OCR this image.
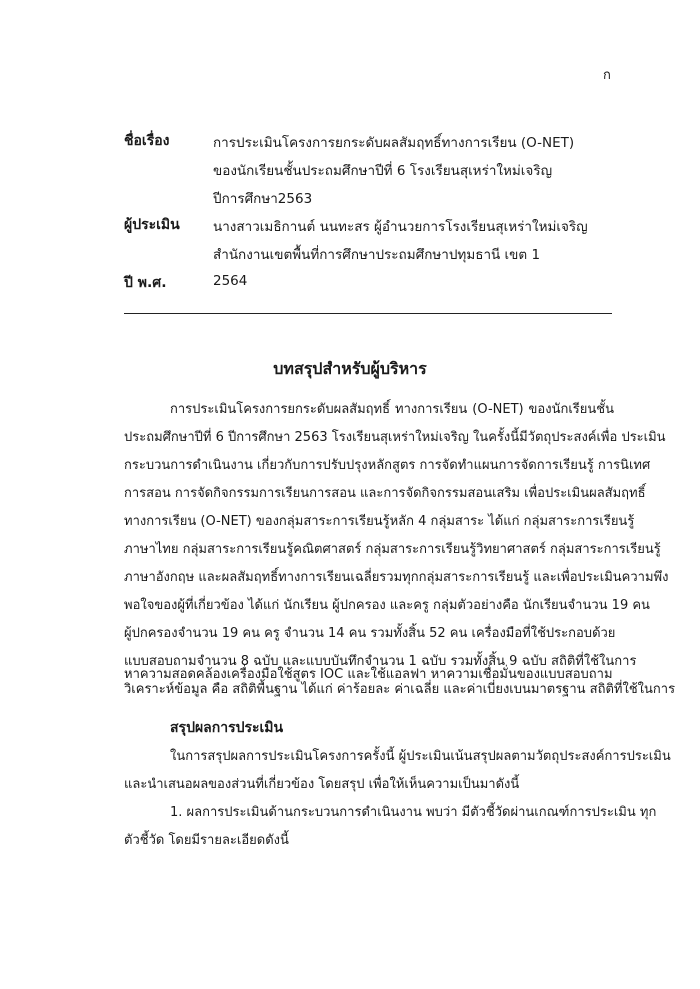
ก
ชื่อเรื่อง	การประเมินโครงการยกระดับผลสัมฤทธิ์ทางการเรียน (O-NET)
ของนักเรียนชั้นประถมศึกษาปีที่ 6 โรงเรียนสุเหร่าใหม่เจริญ
ปีการศึกษา2563
ผู้ประเมิน นางสาวเมธิกานต์ นนทะสร ผู้อำนวยการโรงเรียนสุเหร่าใหม่เจริญ
สำนักงานเขตพื้นที่การศึกษาประถมศึกษาปทุมธานี เขต 1
ปี พ.ศ.	2564
บทสรุปสำหรับผู้บริหาร
การประเมินโครงการยกระดับผลสัมฤทธิ์ ทางการเรียน (O-NET) ของนักเรียนชั้น
ประถมศึกษาปีที่ 6 ปีการศึกษา 2563 โรงเรียนสุเหร่าใหม่เจริญ ในครั้งนี้มีวัตถุประสงค์เพื่อ ประเมิน
กระบวนการดำเนินงาน เกี่ยวกับการปรับปรุงหลักสูตร การจัดทำแผนการจัดการเรียนรู้ การนิเทศ
การสอน การจัดกิจกรรมการเรียนการสอน และการจัดกิจกรรมสอนเสริม เพื่อประเมินผลสัมฤทธิ์
ทางการเรียน (O-NET) ของกลุ่มสาระการเรียนรู้หลัก 4 กลุ่มสาระ ได้แก่ กลุ่มสาระการเรียนรู้
ภาษาไทย กลุ่มสาระการเรียนรู้คณิตศาสตร์ กลุ่มสาระการเรียนรู้วิทยาศาสตร์ กลุ่มสาระการเรียนรู้
ภาษาอังกฤษ และผลสัมฤทธิ์ทางการเรียนเฉลี่ยรวมทุกกลุ่มสาระการเรียนรู้ และเพื่อประเมินความพึง
พอใจของผู้ที่เกี่ยวข้อง ได้แก่ นักเรียน ผู้ปกครอง และครู กลุ่มตัวอย่างคือ นักเรียนจำนวน 19 คน
ผู้ปกครองจำนวน 19 คน ครู จำนวน 14 คน รวมทั้งสิ้น 52 คน เครื่องมือที่ใช้ประกอบด้วย
แบบสอบถามจำนวน 8 ฉบับ และแบบบันทึกจำนวน 1 ฉบับ รวมทั้งสิ้น 9 ฉบับ สถิติที่ใช้ในการ
วิเคราะห์ข้อมูล คือ สถิติพื้นฐาน ได้แก่ ค่าร้อยละ ค่าเฉลี่ย และค่าเบี่ยงเบนมาตรฐาน สถิติที่ใช้ในการ
หาความสอดคล้องเครื่องมือใช้สูตร IOC และใช้แอลฟา หาความเชื่อมั่นของแบบสอบถาม
สรุปผลการประเมิน
ในการสรุปผลการประเมินโครงการครั้งนี้ ผู้ประเมินเน้นสรุปผลตามวัตถุประสงค์การประเมิน
และนำเสนอผลของส่วนที่เกี่ยวข้อง โดยสรุป เพื่อให้เห็นความเป็นมาดังนี้
1. ผลการประเมินด้านกระบวนการดำเนินงาน พบว่า มีตัวชี้วัดผ่านเกณฑ์การประเมิน ทุก
ตัวชี้วัด โดยมีรายละเอียดดังนี้
